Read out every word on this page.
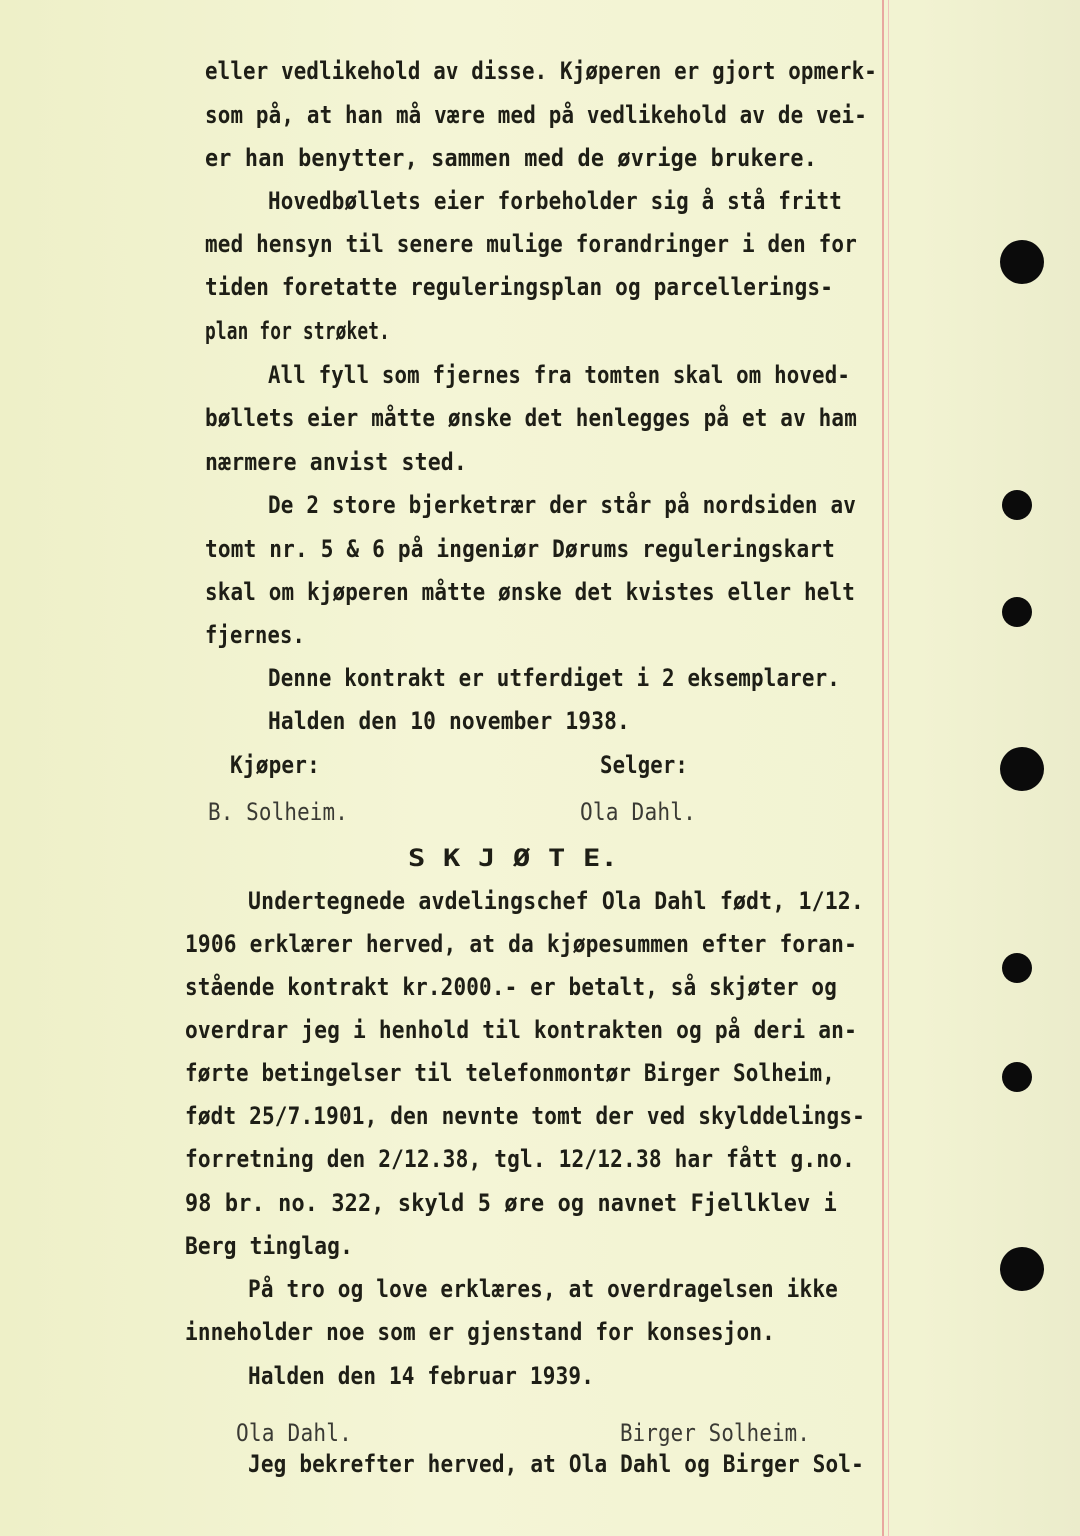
eller vedlikehold av disse. Kjøperen er gjort opmerk-
som på, at han må være med på vedlikehold av de vei-
er han benytter, sammen med de øvrige brukere.
Hovedbøllets eier forbeholder sig å stå fritt
med hensyn til senere mulige forandringer i den for
tiden foretatte reguleringsplan og parcellerings-
plan for strøket.
All fyll som fjernes fra tomten skal om hoved-
bøllets eier måtte ønske det henlegges på et av ham
nærmere anvist sted.
De 2 store bjerketrær der står på nordsiden av
tomt nr. 5 & 6 på ingeniør Dørums reguleringskart
skal om kjøperen måtte ønske det kvistes eller helt
fjernes.
Denne kontrakt er utferdiget i 2 eksemplarer.
Halden den 10 november 1938.
Kjøper:	Selger:
B. Solheim.	Ola Dahl.
S K J Ø T E.
Undertegnede avdelingschef Ola Dahl født, 1/12.
1906 erklærer herved, at da kjøpesummen efter foran-
stående kontrakt kr.2000.- er betalt, så skjøter og
overdrar jeg i henhold til kontrakten og på deri an-
førte betingelser til telefonmontør Birger Solheim,
født 25/7.1901, den nevnte tomt der ved skylddelings-
forretning den 2/12.38, tgl. 12/12.38 har fått g.no.
98 br. no. 322, skyld 5 øre og navnet Fjellklev i
Berg tinglag.
På tro og love erklæres, at overdragelsen ikke
inneholder noe som er gjenstand for konsesjon.
Halden den 14 februar 1939.
Ola Dahl.	Birger Solheim.
Jeg bekrefter herved, at Ola Dahl og Birger Sol-
